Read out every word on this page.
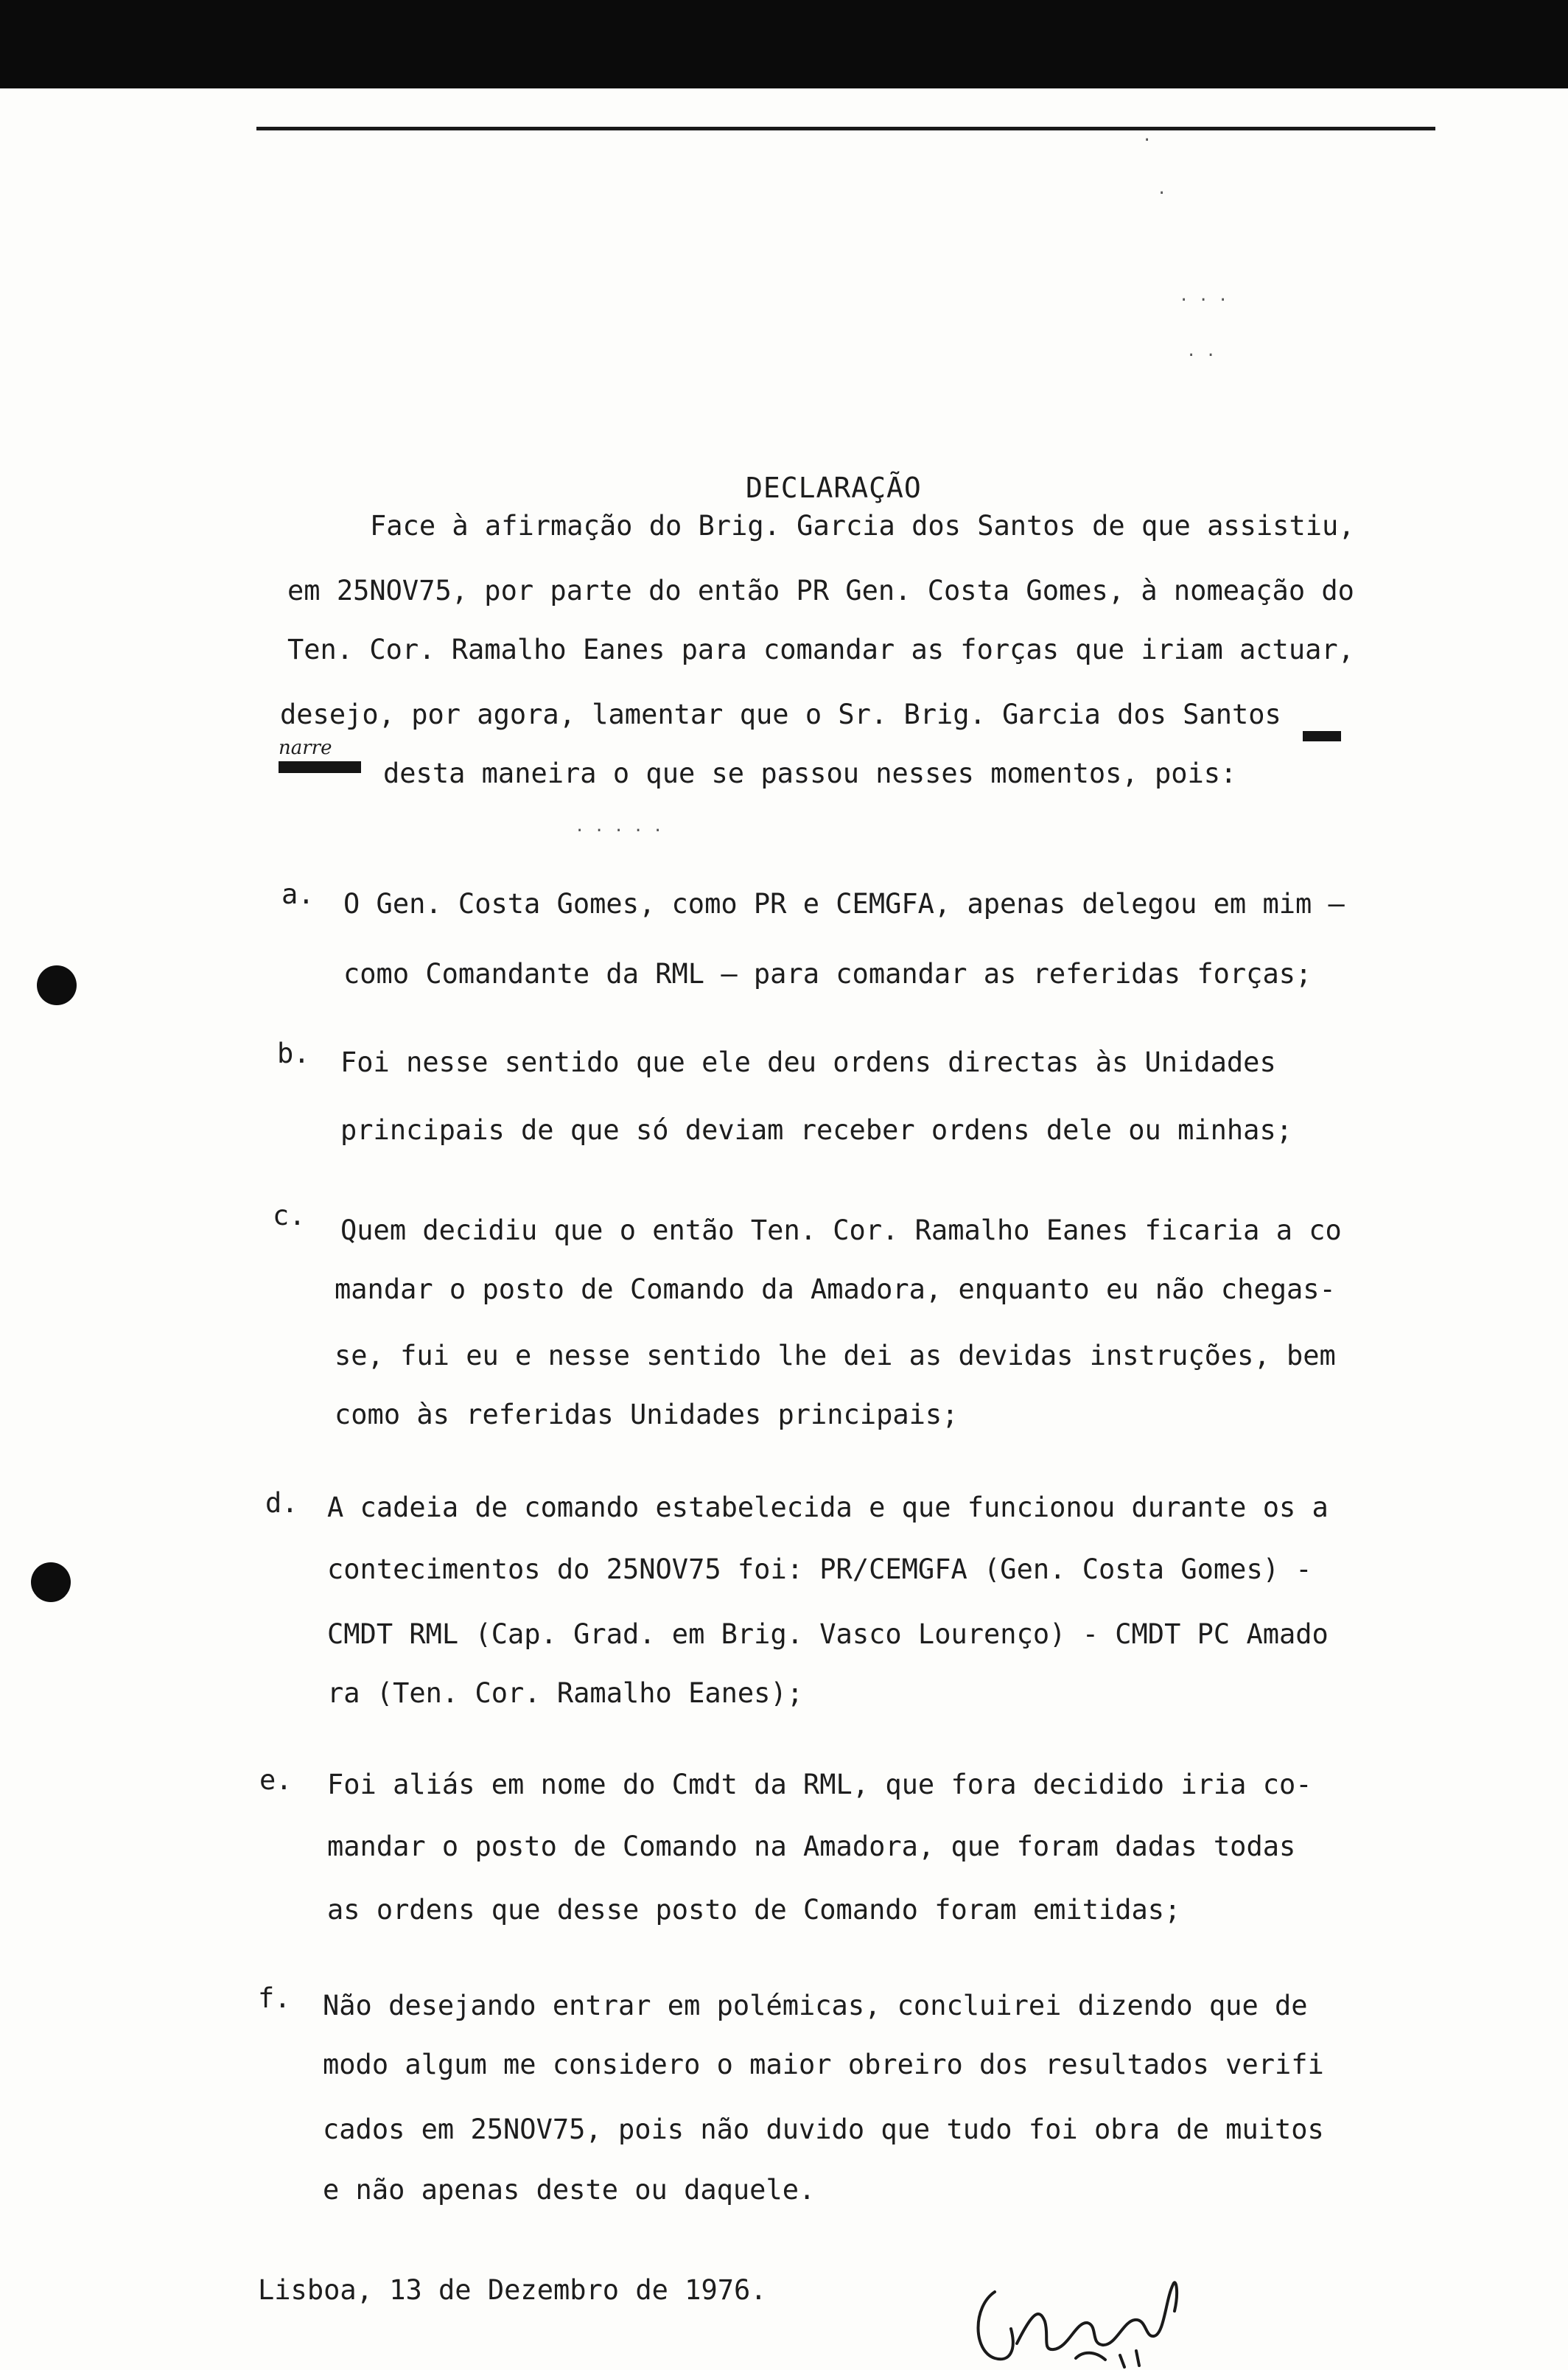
·
·
· · ·
· ·
· · · · ·
DECLARAÇÃO
Face à afirmação do Brig. Garcia dos Santos de que assistiu,
em 25NOV75, por parte do então PR Gen. Costa Gomes, à nomeação do
Ten. Cor. Ramalho Eanes para comandar as forças que iriam actuar,
desejo, por agora, lamentar que o Sr. Brig. Garcia dos Santos
desta maneira o que se passou nesses momentos, pois:
narre
a. O Gen. Costa Gomes, como PR e CEMGFA, apenas delegou em mim —
como Comandante da RML — para comandar as referidas forças;
b. Foi nesse sentido que ele deu ordens directas às Unidades
principais de que só deviam receber ordens dele ou minhas;
c. Quem decidiu que o então Ten. Cor. Ramalho Eanes ficaria a co
mandar o posto de Comando da Amadora, enquanto eu não chegas-
se, fui eu e nesse sentido lhe dei as devidas instruções, bem
como às referidas Unidades principais;
d. A cadeia de comando estabelecida e que funcionou durante os a
contecimentos do 25NOV75 foi: PR/CEMGFA (Gen. Costa Gomes) -
CMDT RML (Cap. Grad. em Brig. Vasco Lourenço) - CMDT PC Amado
ra (Ten. Cor. Ramalho Eanes);
e. Foi aliás em nome do Cmdt da RML, que fora decidido iria co-
mandar o posto de Comando na Amadora, que foram dadas todas
as ordens que desse posto de Comando foram emitidas;
f. Não desejando entrar em polémicas, concluirei dizendo que de
modo algum me considero o maior obreiro dos resultados verifi
cados em 25NOV75, pois não duvido que tudo foi obra de muitos
e não apenas deste ou daquele.
Lisboa, 13 de Dezembro de 1976.
